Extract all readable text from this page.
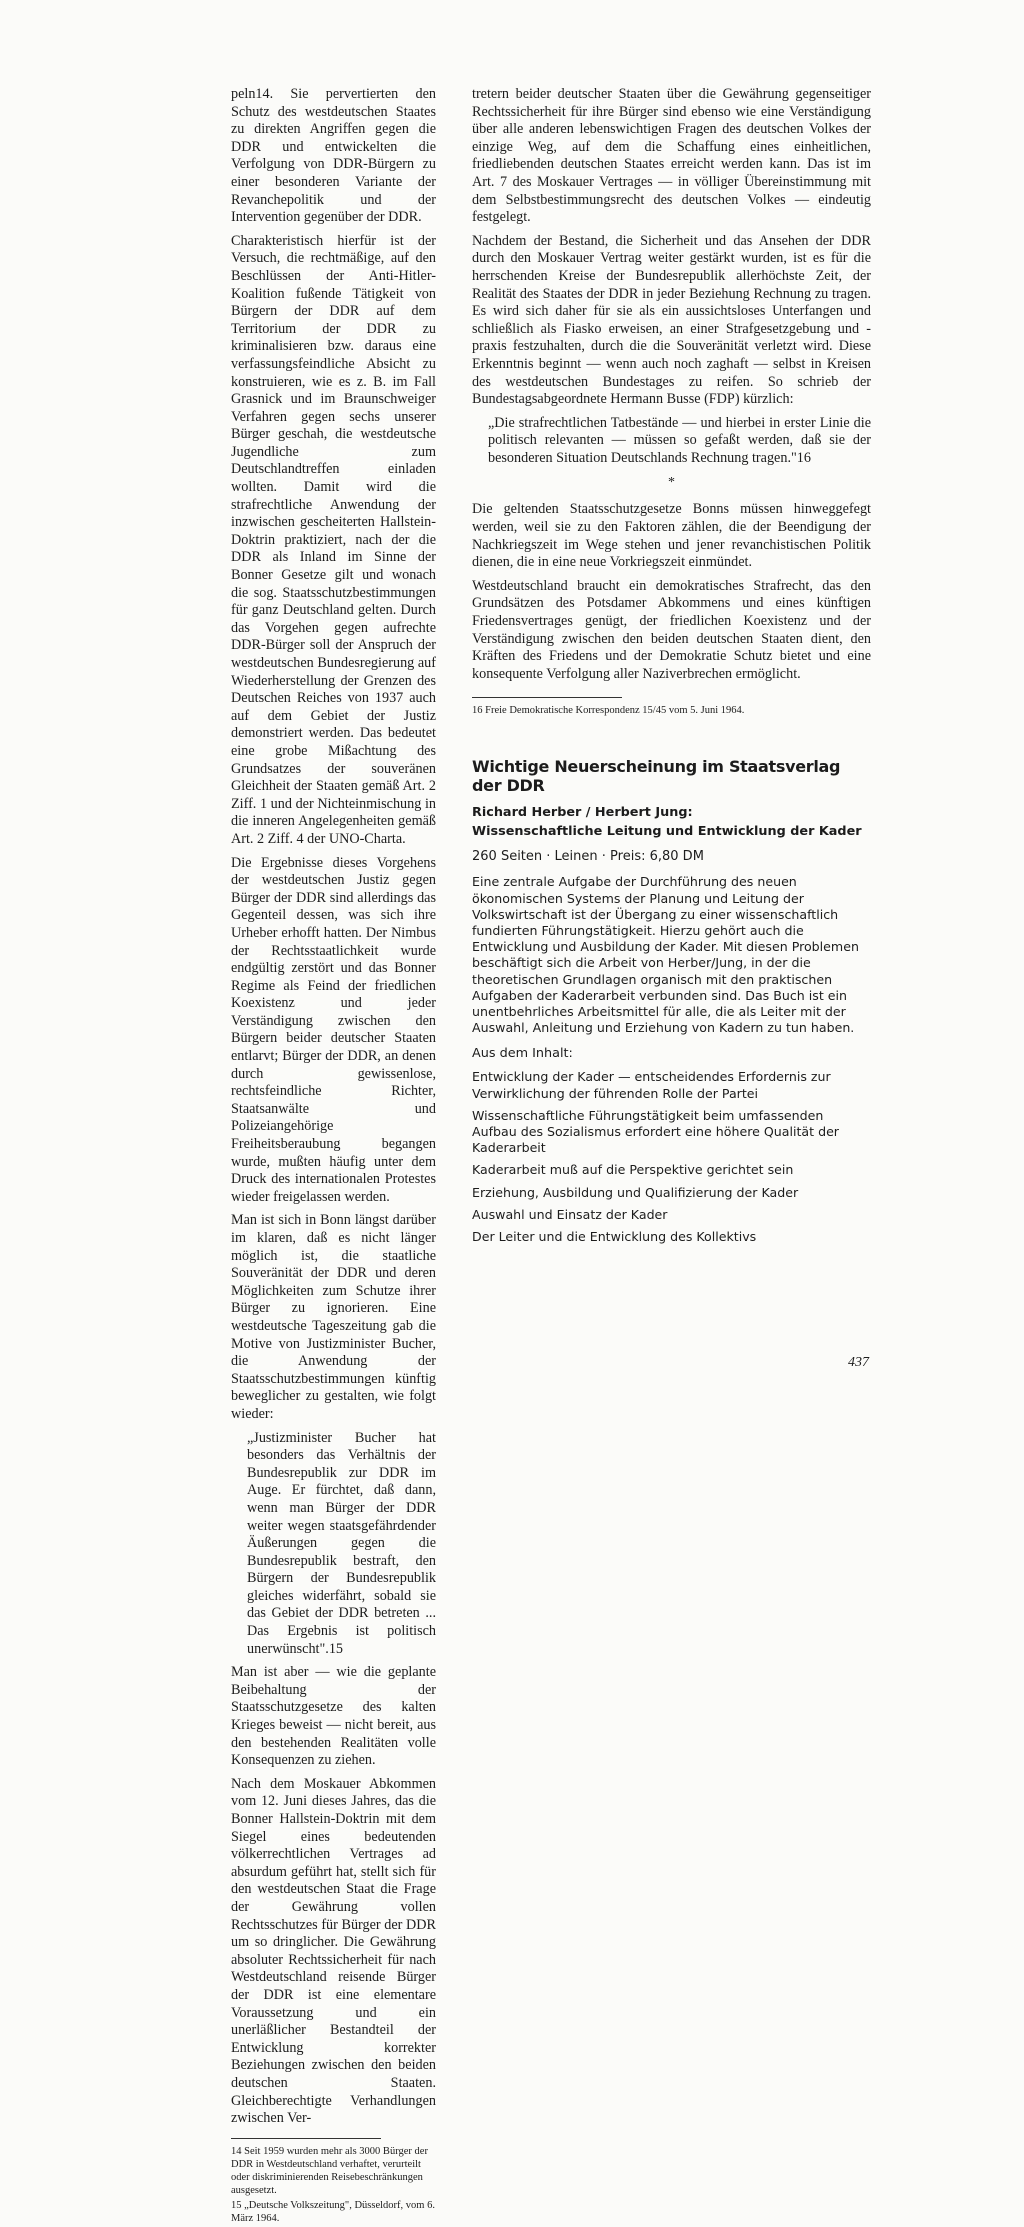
peln14. Sie pervertierten den Schutz des westdeutschen Staates zu direkten Angriffen gegen die DDR und entwickelten die Verfolgung von DDR-Bürgern zu einer besonderen Variante der Revanchepolitik und der Intervention gegenüber der DDR.

Charakteristisch hierfür ist der Versuch, die rechtmäßige, auf den Beschlüssen der Anti-Hitler-Koalition fußende Tätigkeit von Bürgern der DDR auf dem Territorium der DDR zu kriminalisieren bzw. daraus eine verfassungsfeindliche Absicht zu konstruieren, wie es z. B. im Fall Grasnick und im Braunschweiger Verfahren gegen sechs unserer Bürger geschah, die westdeutsche Jugendliche zum Deutschlandtreffen einladen wollten. Damit wird die strafrechtliche Anwendung der inzwischen gescheiterten Hallstein-Doktrin praktiziert, nach der die DDR als Inland im Sinne der Bonner Gesetze gilt und wonach die sog. Staatsschutzbestimmungen für ganz Deutschland gelten. Durch das Vorgehen gegen aufrechte DDR-Bürger soll der Anspruch der westdeutschen Bundesregierung auf Wiederherstellung der Grenzen des Deutschen Reiches von 1937 auch auf dem Gebiet der Justiz demonstriert werden. Das bedeutet eine grobe Mißachtung des Grundsatzes der souveränen Gleichheit der Staaten gemäß Art. 2 Ziff. 1 und der Nichteinmischung in die inneren Angelegenheiten gemäß Art. 2 Ziff. 4 der UNO-Charta.

Die Ergebnisse dieses Vorgehens der westdeutschen Justiz gegen Bürger der DDR sind allerdings das Gegenteil dessen, was sich ihre Urheber erhofft hatten. Der Nimbus der Rechtsstaatlichkeit wurde endgültig zerstört und das Bonner Regime als Feind der friedlichen Koexistenz und jeder Verständigung zwischen den Bürgern beider deutscher Staaten entlarvt; Bürger der DDR, an denen durch gewissenlose, rechtsfeindliche Richter, Staatsanwälte und Polizeiangehörige Freiheitsberaubung begangen wurde, mußten häufig unter dem Druck des internationalen Protestes wieder freigelassen werden.

Man ist sich in Bonn längst darüber im klaren, daß es nicht länger möglich ist, die staatliche Souveränität der DDR und deren Möglichkeiten zum Schutze ihrer Bürger zu ignorieren. Eine westdeutsche Tageszeitung gab die Motive von Justizminister Bucher, die Anwendung der Staatsschutzbestimmungen künftig beweglicher zu gestalten, wie folgt wieder:

„Justizminister Bucher hat besonders das Verhältnis der Bundesrepublik zur DDR im Auge. Er fürchtet, daß dann, wenn man Bürger der DDR weiter wegen staatsgefährdender Äußerungen gegen die Bundesrepublik bestraft, den Bürgern der Bundesrepublik gleiches widerfährt, sobald sie das Gebiet der DDR betreten ... Das Ergebnis ist politisch unerwünscht".15

Man ist aber — wie die geplante Beibehaltung der Staatsschutzgesetze des kalten Krieges beweist — nicht bereit, aus den bestehenden Realitäten volle Konsequenzen zu ziehen.

Nach dem Moskauer Abkommen vom 12. Juni dieses Jahres, das die Bonner Hallstein-Doktrin mit dem Siegel eines bedeutenden völkerrechtlichen Vertrages ad absurdum geführt hat, stellt sich für den westdeutschen Staat die Frage der Gewährung vollen Rechtsschutzes für Bürger der DDR um so dringlicher. Die Gewährung absoluter Rechtssicherheit für nach Westdeutschland reisende Bürger der DDR ist eine elementare Voraussetzung und ein unerläßlicher Bestandteil der Entwicklung korrekter Beziehungen zwischen den beiden deutschen Staaten. Gleichberechtigte Verhandlungen zwischen Ver-

14 Seit 1959 wurden mehr als 3000 Bürger der DDR in Westdeutschland verhaftet, verurteilt oder diskriminierenden Reisebeschränkungen ausgesetzt.

15 „Deutsche Volkszeitung", Düsseldorf, vom 6. März 1964.

tretern beider deutscher Staaten über die Gewährung gegenseitiger Rechtssicherheit für ihre Bürger sind ebenso wie eine Verständigung über alle anderen lebenswichtigen Fragen des deutschen Volkes der einzige Weg, auf dem die Schaffung eines einheitlichen, friedliebenden deutschen Staates erreicht werden kann. Das ist im Art. 7 des Moskauer Vertrages — in völliger Übereinstimmung mit dem Selbstbestimmungsrecht des deutschen Volkes — eindeutig festgelegt.

Nachdem der Bestand, die Sicherheit und das Ansehen der DDR durch den Moskauer Vertrag weiter gestärkt wurden, ist es für die herrschenden Kreise der Bundesrepublik allerhöchste Zeit, der Realität des Staates der DDR in jeder Beziehung Rechnung zu tragen. Es wird sich daher für sie als ein aussichtsloses Unterfangen und schließlich als Fiasko erweisen, an einer Strafgesetzgebung und -praxis festzuhalten, durch die die Souveränität verletzt wird. Diese Erkenntnis beginnt — wenn auch noch zaghaft — selbst in Kreisen des westdeutschen Bundestages zu reifen. So schrieb der Bundestagsabgeordnete Hermann Busse (FDP) kürzlich:

„Die strafrechtlichen Tatbestände — und hierbei in erster Linie die politisch relevanten — müssen so gefaßt werden, daß sie der besonderen Situation Deutschlands Rechnung tragen."16

*

Die geltenden Staatsschutzgesetze Bonns müssen hinweggefegt werden, weil sie zu den Faktoren zählen, die der Beendigung der Nachkriegszeit im Wege stehen und jener revanchistischen Politik dienen, die in eine neue Vorkriegszeit einmündet.

Westdeutschland braucht ein demokratisches Strafrecht, das den Grundsätzen des Potsdamer Abkommens und eines künftigen Friedensvertrages genügt, der friedlichen Koexistenz und der Verständigung zwischen den beiden deutschen Staaten dient, den Kräften des Friedens und der Demokratie Schutz bietet und eine konsequente Verfolgung aller Naziverbrechen ermöglicht.

16 Freie Demokratische Korrespondenz 15/45 vom 5. Juni 1964.

Wichtige Neuerscheinung im Staatsverlag der DDR
Richard Herber / Herbert Jung:
Wissenschaftliche Leitung und Entwicklung der Kader
260 Seiten · Leinen · Preis: 6,80 DM
Eine zentrale Aufgabe der Durchführung des neuen ökonomischen Systems der Planung und Leitung der Volkswirtschaft ist der Übergang zu einer wissenschaftlich fundierten Führungstätigkeit. Hierzu gehört auch die Entwicklung und Ausbildung der Kader. Mit diesen Problemen beschäftigt sich die Arbeit von Herber/Jung, in der die theoretischen Grundlagen organisch mit den praktischen Aufgaben der Kaderarbeit verbunden sind. Das Buch ist ein unentbehrliches Arbeitsmittel für alle, die als Leiter mit der Auswahl, Anleitung und Erziehung von Kadern zu tun haben.
Aus dem Inhalt:
Entwicklung der Kader — entscheidendes Erfordernis zur Verwirklichung der führenden Rolle der Partei
Wissenschaftliche Führungstätigkeit beim umfassenden Aufbau des Sozialismus erfordert eine höhere Qualität der Kaderarbeit
Kaderarbeit muß auf die Perspektive gerichtet sein
Erziehung, Ausbildung und Qualifizierung der Kader
Auswahl und Einsatz der Kader
Der Leiter und die Entwicklung des Kollektivs
437
